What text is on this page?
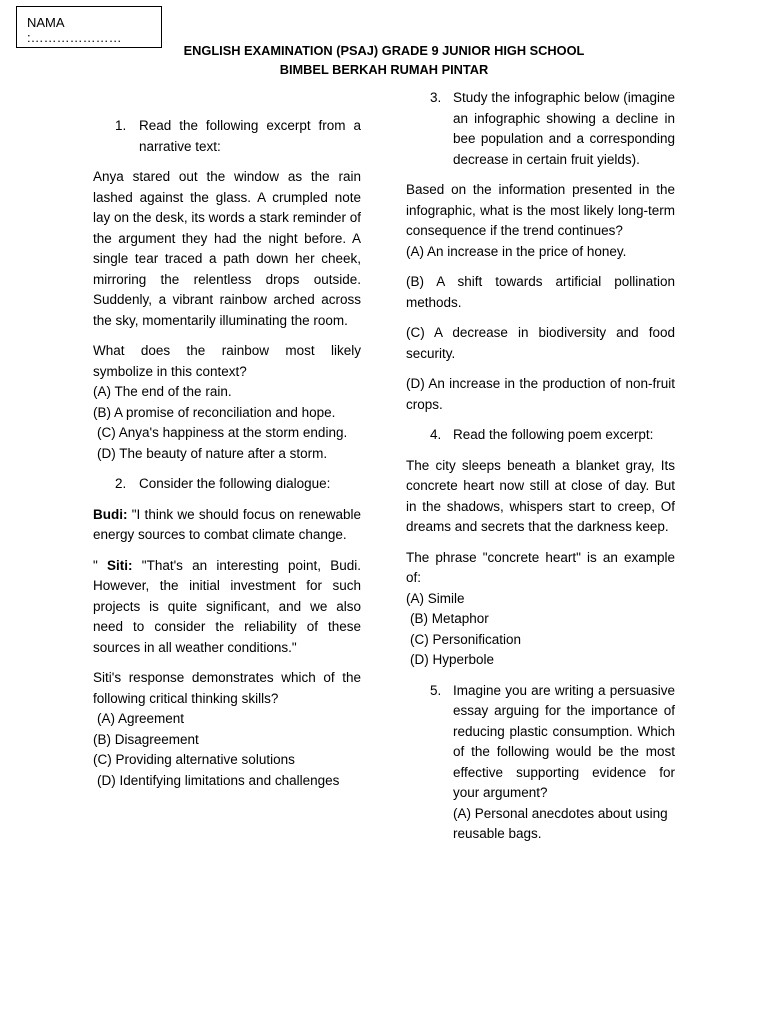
NAMA :…………………
ENGLISH EXAMINATION (PSAJ) GRADE 9 JUNIOR HIGH SCHOOL
BIMBEL BERKAH RUMAH PINTAR
1. Read the following excerpt from a narrative text:

Anya stared out the window as the rain lashed against the glass. A crumpled note lay on the desk, its words a stark reminder of the argument they had the night before. A single tear traced a path down her cheek, mirroring the relentless drops outside. Suddenly, a vibrant rainbow arched across the sky, momentarily illuminating the room.

What does the rainbow most likely symbolize in this context?

(A) The end of the rain.

(B) A promise of reconciliation and hope.

(C) Anya's happiness at the storm ending.

(D) The beauty of nature after a storm.

2. Consider the following dialogue:

Budi: "I think we should focus on renewable energy sources to combat climate change.

" Siti: "That's an interesting point, Budi. However, the initial investment for such projects is quite significant, and we also need to consider the reliability of these sources in all weather conditions."

Siti's response demonstrates which of the following critical thinking skills?

(A) Agreement

(B) Disagreement

(C) Providing alternative solutions

(D) Identifying limitations and challenges

3. Study the infographic below (imagine an infographic showing a decline in bee population and a corresponding decrease in certain fruit yields).

Based on the information presented in the infographic, what is the most likely long-term consequence if the trend continues?

(A) An increase in the price of honey.

(B) A shift towards artificial pollination methods.

(C) A decrease in biodiversity and food security.

(D) An increase in the production of non-fruit crops.

4. Read the following poem excerpt:

The city sleeps beneath a blanket gray, Its concrete heart now still at close of day. But in the shadows, whispers start to creep, Of dreams and secrets that the darkness keep.

The phrase "concrete heart" is an example of:

(A) Simile

(B) Metaphor

(C) Personification

(D) Hyperbole

5. Imagine you are writing a persuasive essay arguing for the importance of reducing plastic consumption. Which of the following would be the most effective supporting evidence for your argument?

(A) Personal anecdotes about using reusable bags.
